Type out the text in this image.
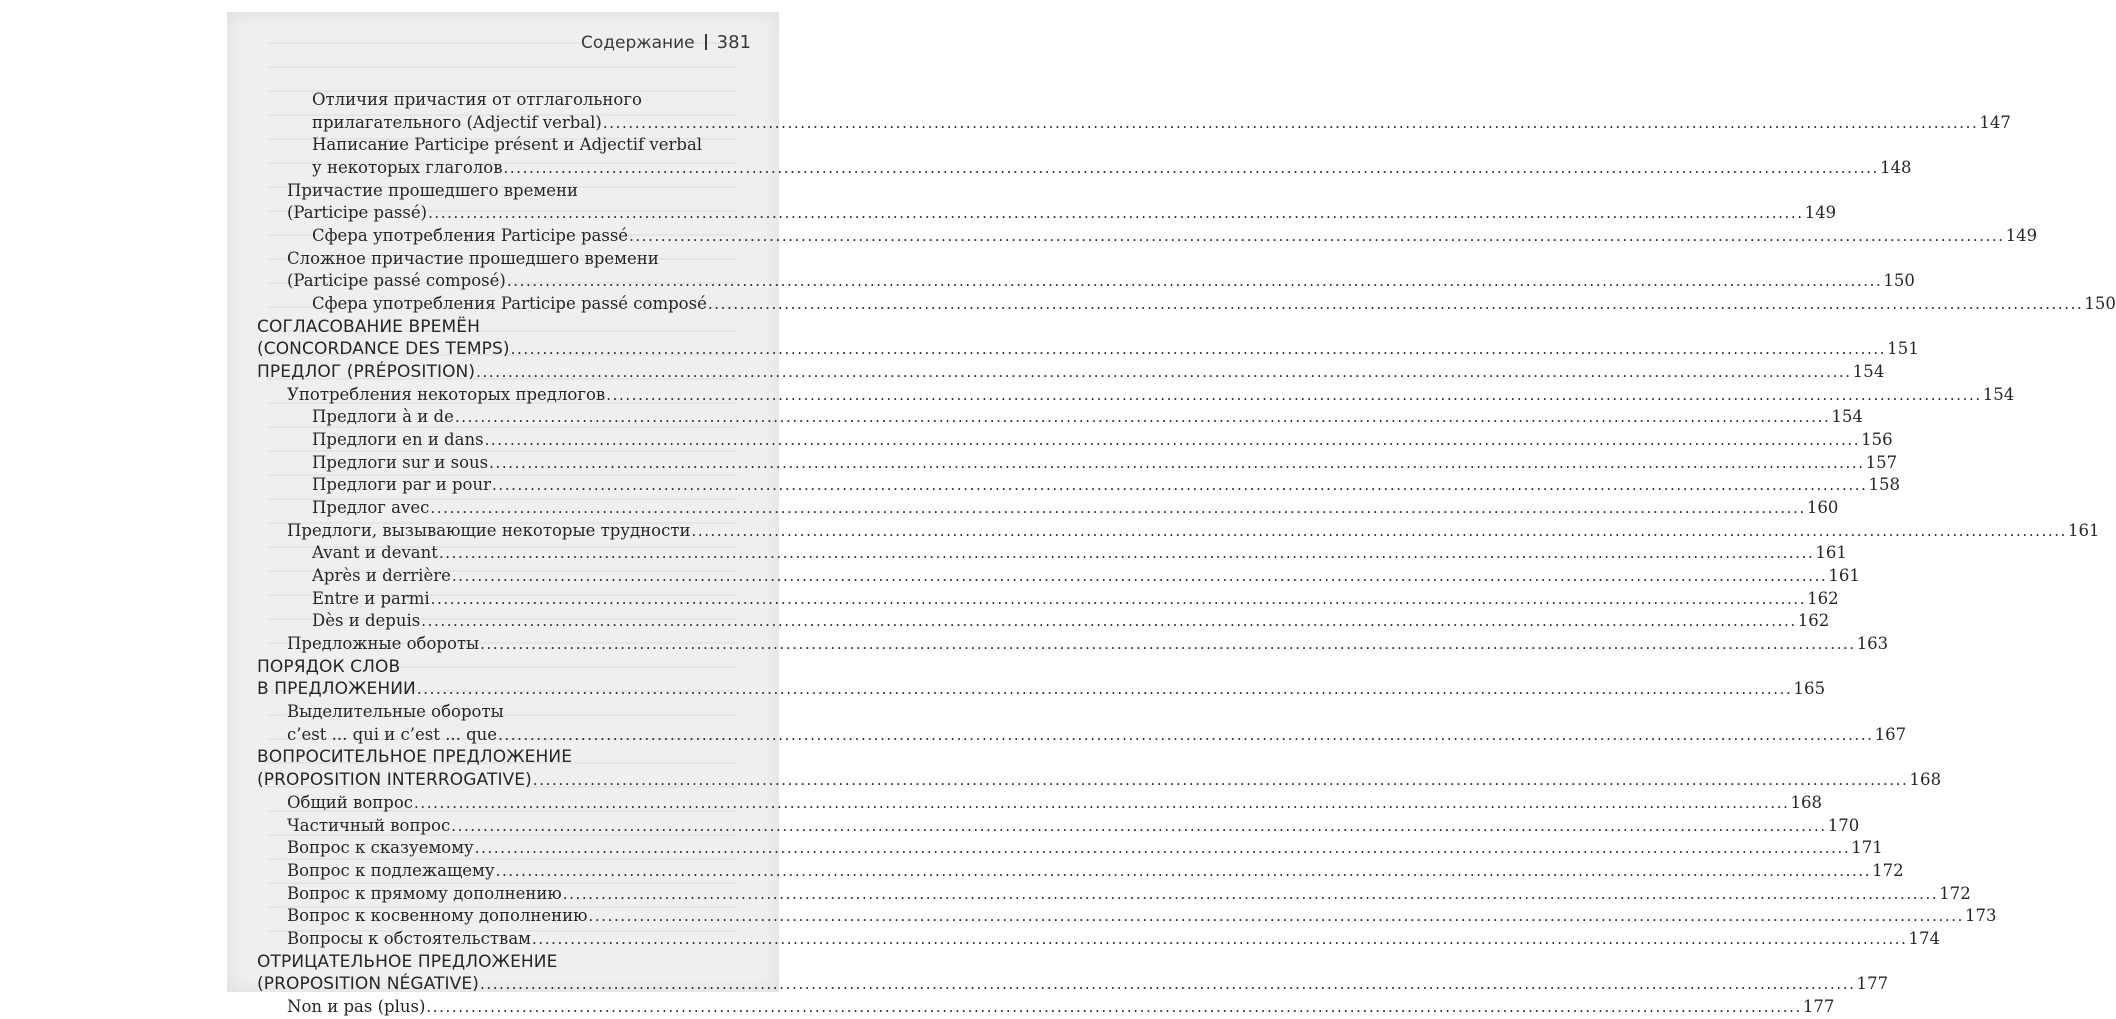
Содержание 381
Отличия причастия от отглагольного
прилагательного (Adjectif verbal) .....	147
Написание Participe présent и Adjectif verbal
у некоторых глаголов .....	148
Причастие прошедшего времени
(Participe passé) .....	149
Сфера употребления Participe passé .....	149
Сложное причастие прошедшего времени
(Participe passé composé) .....	150
Сфера употребления Participe passé composé .....	150
СОГЛАСОВАНИЕ ВРЕМЁН
(CONCORDANCE DES TEMPS) .....	151
ПРЕДЛОГ (PRÉPOSITION) .....	154
Употребления некоторых предлогов .....	154
Предлоги à и de .....	154
Предлоги en и dans .....	156
Предлоги sur и sous .....	157
Предлоги par и pour .....	158
Предлог avec .....	160
Предлоги, вызывающие некоторые трудности .....	161
Avant и devant .....	161
Après и derrière .....	161
Entre и parmi .....	162
Dès и depuis .....	162
Предложные обороты .....	163
ПОРЯДОК СЛОВ
В ПРЕДЛОЖЕНИИ .....	165
Выделительные обороты
c’est ... qui и c’est ... que .....	167
ВОПРОСИТЕЛЬНОЕ ПРЕДЛОЖЕНИЕ
(PROPOSITION INTERROGATIVE) .....	168
Общий вопрос .....	168
Частичный вопрос .....	170
Вопрос к сказуемому .....	171
Вопрос к подлежащему .....	172
Вопрос к прямому дополнению .....	172
Вопрос к косвенному дополнению .....	173
Вопросы к обстоятельствам .....	174
ОТРИЦАТЕЛЬНОЕ ПРЕДЛОЖЕНИЕ
(PROPOSITION NÉGATIVE) .....	177
Non и pas (plus) .....	177
